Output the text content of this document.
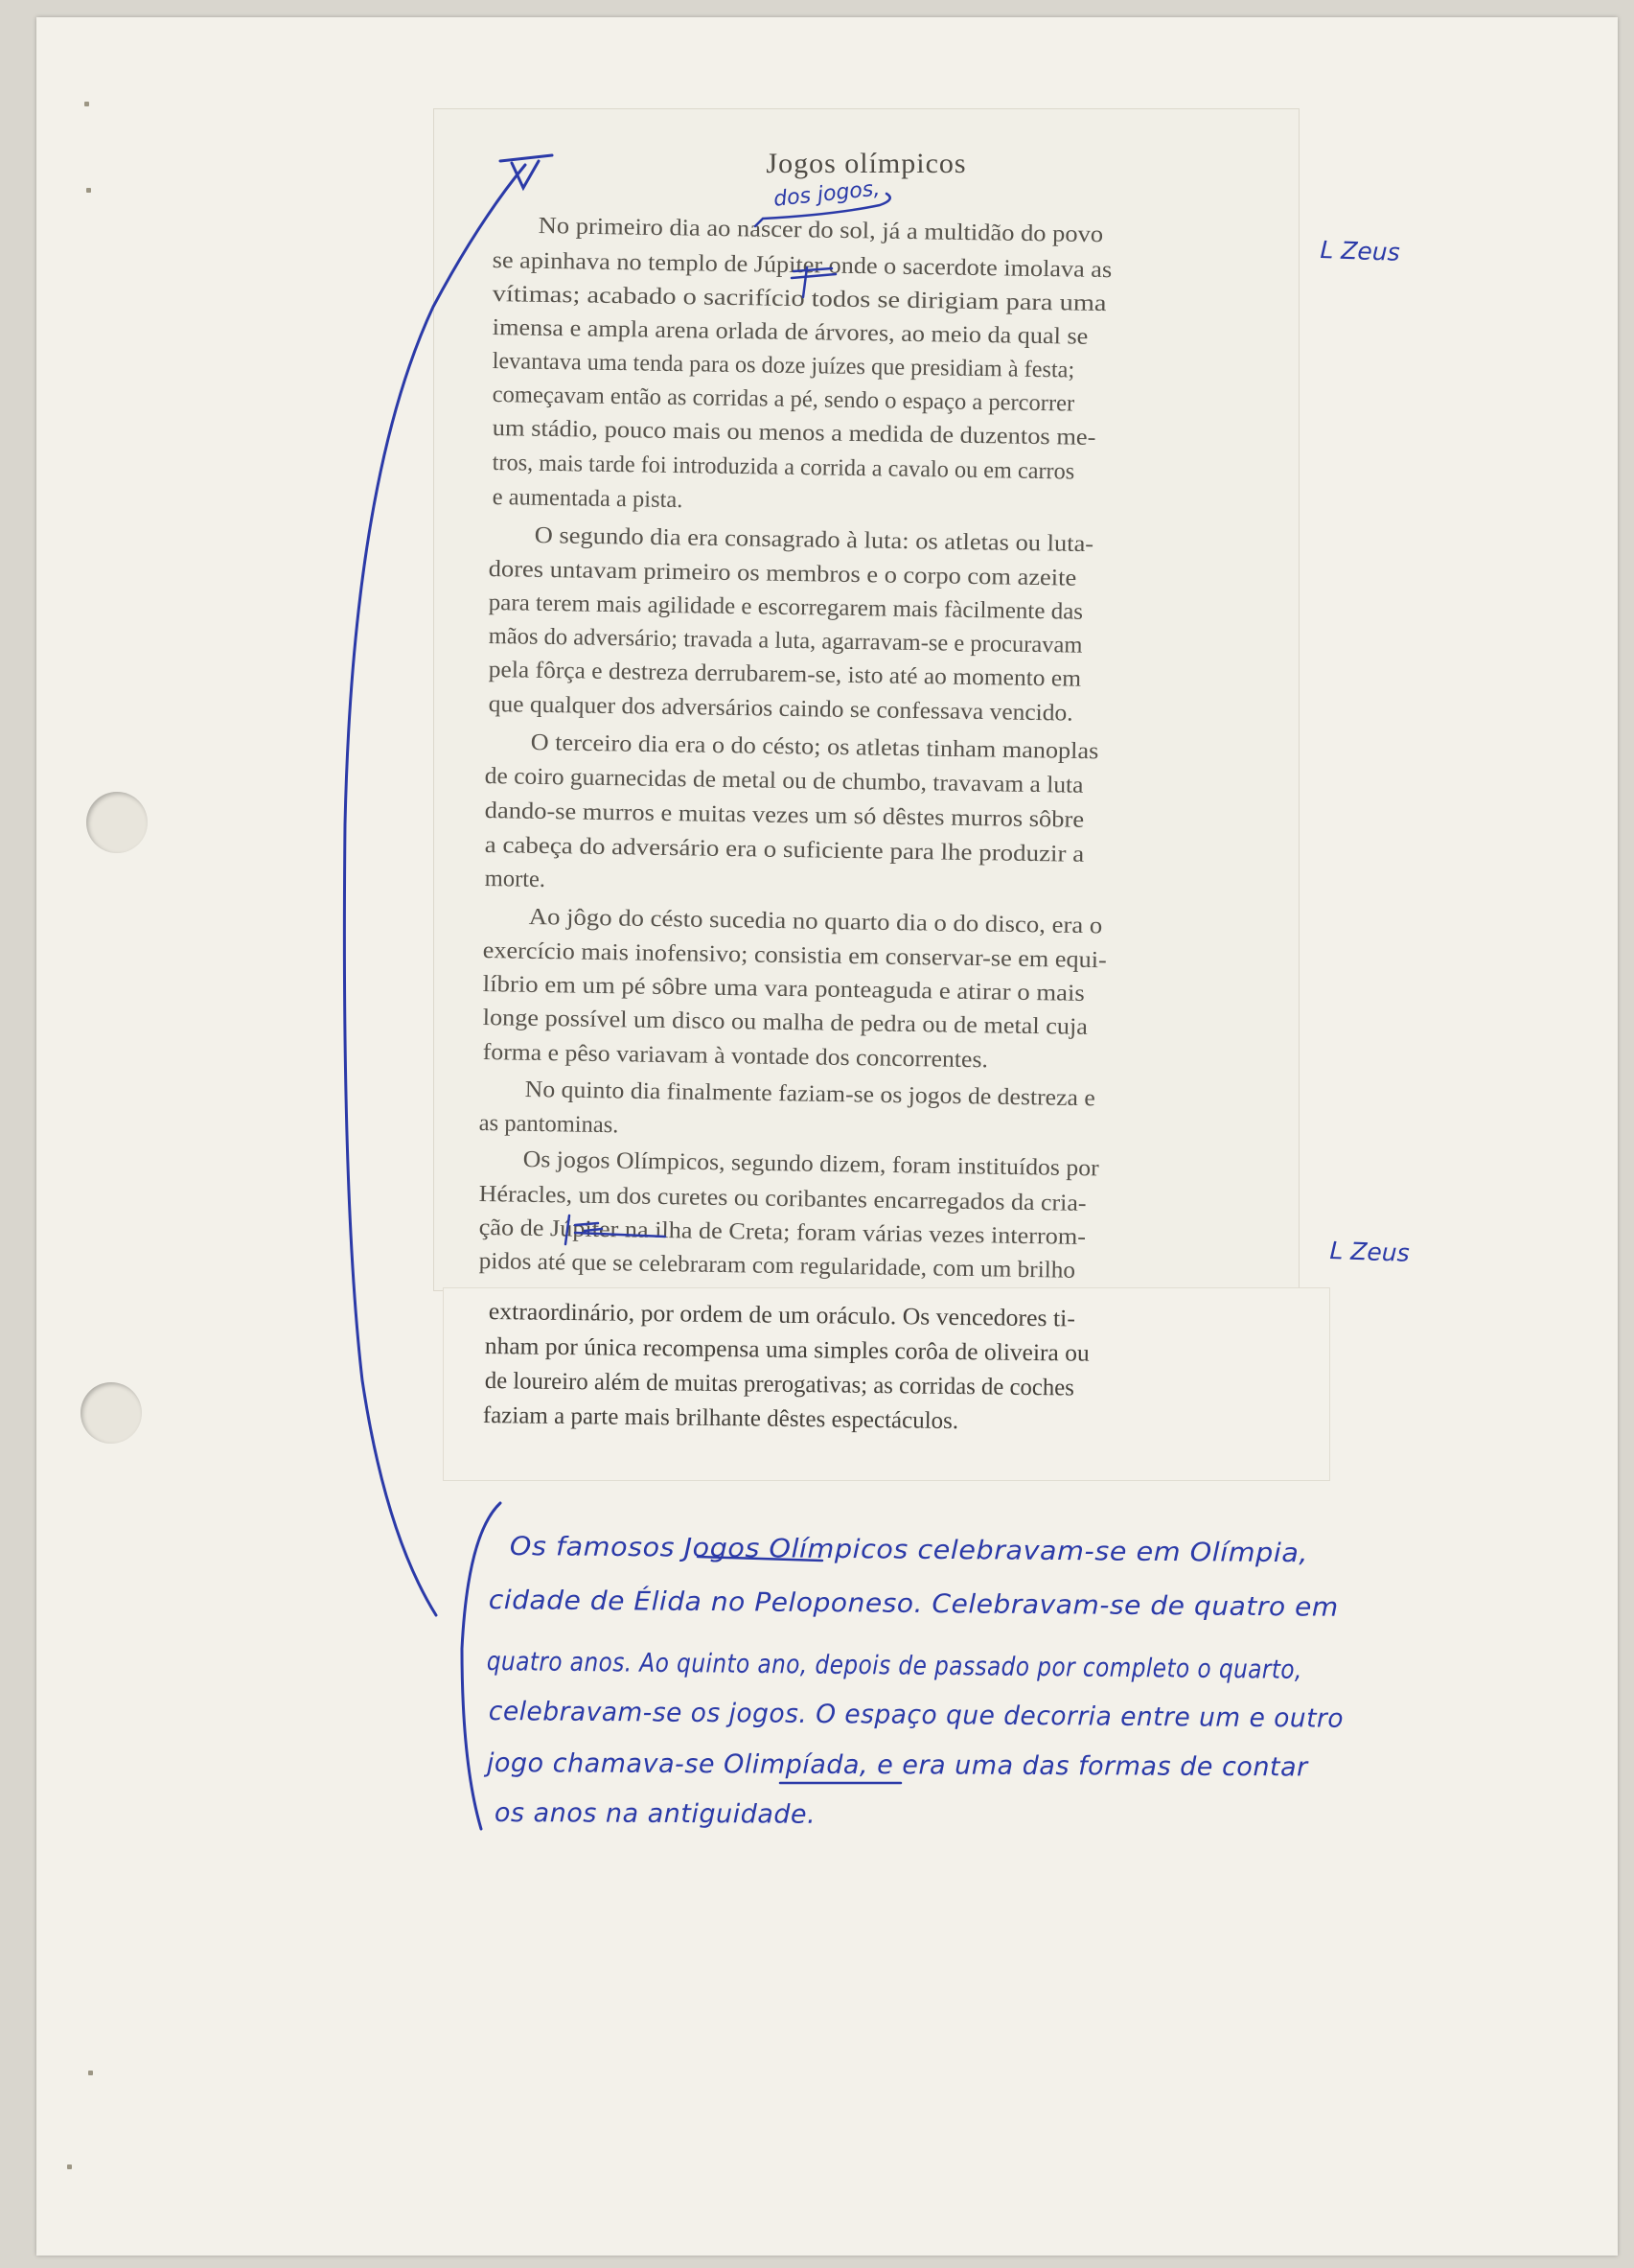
Jogos olímpicos

No primeiro dia ao nascer do sol, já a multidão do povo

se apinhava no templo de Júpiter onde o sacerdote imolava as

vítimas; acabado o sacrifício todos se dirigiam para uma

imensa e ampla arena orlada de árvores, ao meio da qual se

levantava uma tenda para os doze juízes que presidiam à festa;

começavam então as corridas a pé, sendo o espaço a percorrer

um stádio, pouco mais ou menos a medida de duzentos me-

tros, mais tarde foi introduzida a corrida a cavalo ou em carros

e aumentada a pista.

O segundo dia era consagrado à luta: os atletas ou luta-

dores untavam primeiro os membros e o corpo com azeite

para terem mais agilidade e escorregarem mais fàcilmente das

mãos do adversário; travada a luta, agarravam-se e procuravam

pela fôrça e destreza derrubarem-se, isto até ao momento em

que qualquer dos adversários caindo se confessava vencido.

O terceiro dia era o do césto; os atletas tinham manoplas

de coiro guarnecidas de metal ou de chumbo, travavam a luta

dando-se murros e muitas vezes um só dêstes murros sôbre

a cabeça do adversário era o suficiente para lhe produzir a

morte.

Ao jôgo do césto sucedia no quarto dia o do disco, era o

exercício mais inofensivo; consistia em conservar-se em equi-

líbrio em um pé sôbre uma vara ponteaguda e atirar o mais

longe possível um disco ou malha de pedra ou de metal cuja

forma e pêso variavam à vontade dos concorrentes.

No quinto dia finalmente faziam-se os jogos de destreza e

as pantominas.

Os jogos Olímpicos, segundo dizem, foram instituídos por

Héracles, um dos curetes ou coribantes encarregados da cria-

ção de Júpiter na ilha de Creta; foram várias vezes interrom-

pidos até que se celebraram com regularidade, com um brilho

extraordinário, por ordem de um oráculo. Os vencedores ti-

nham por única recompensa uma simples corôa de oliveira ou

de loureiro além de muitas prerogativas; as corridas de coches

faziam a parte mais brilhante dêstes espectáculos.

dos jogos,

L Zeus

L Zeus

Os famosos Jogos Olímpicos celebravam-se em Olímpia,

cidade de Élida no Peloponeso. Celebravam-se de quatro em

quatro anos. Ao quinto ano, depois de passado por completo o quarto,

celebravam-se os jogos. O espaço que decorria entre um e outro

jogo chamava-se Olimpíada, e era uma das formas de contar

os anos na antiguidade.
